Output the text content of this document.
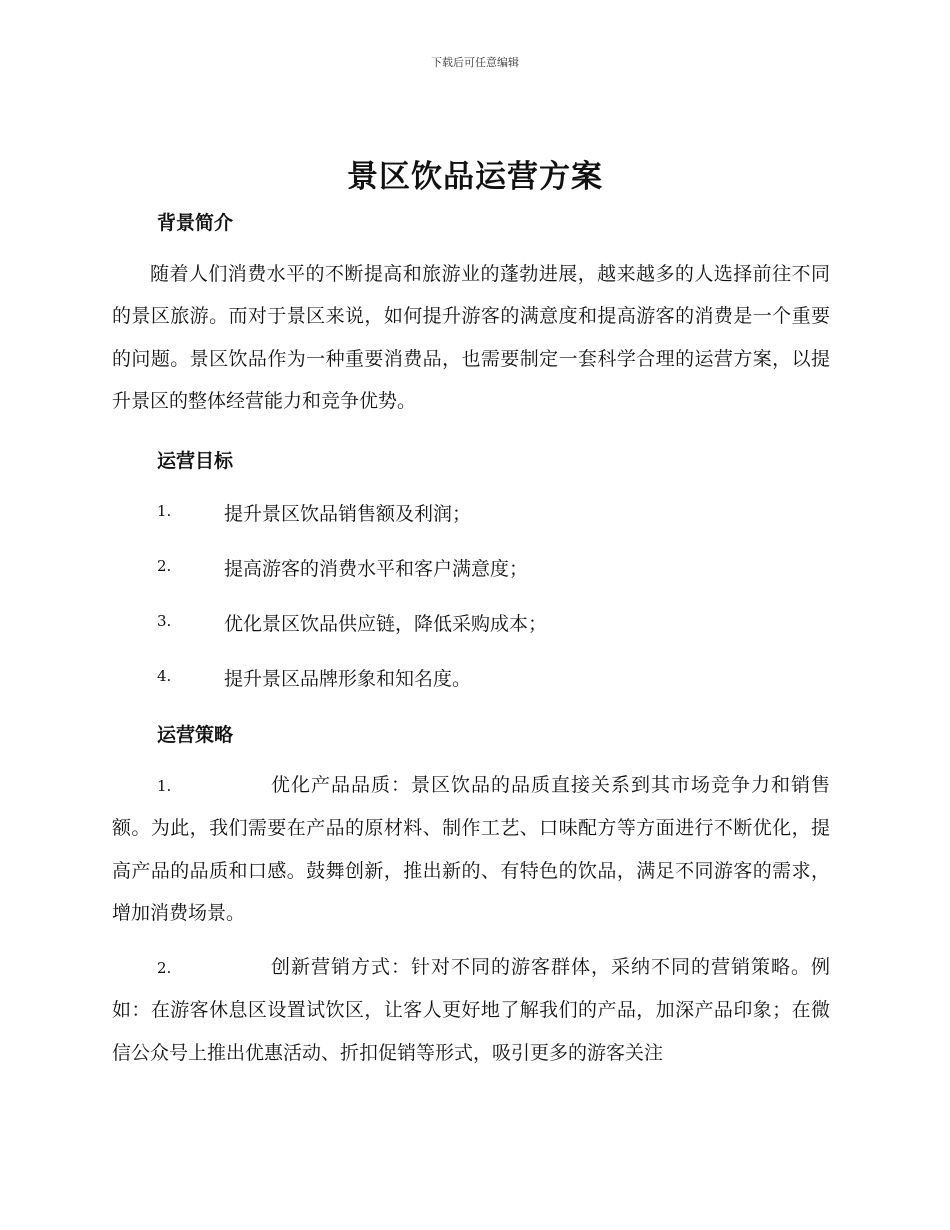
下载后可任意编辑
景区饮品运营方案
背景简介

随着人们消费水平的不断提高和旅游业的蓬勃进展，越来越多的人选择前往不同的景区旅游。而对于景区来说，如何提升游客的满意度和提高游客的消费是一个重要的问题。景区饮品作为一种重要消费品，也需要制定一套科学合理的运营方案，以提升景区的整体经营能力和竞争优势。

运营目标
1.	提升景区饮品销售额及利润；
2.	提高游客的消费水平和客户满意度；
3.	优化景区饮品供应链，降低采购成本；
4.	提升景区品牌形象和知名度。
运营策略

1.	优化产品品质：景区饮品的品质直接关系到其市场竞争力和销售额。为此，我们需要在产品的原材料、制作工艺、口味配方等方面进行不断优化，提高产品的品质和口感。鼓舞创新，推出新的、有特色的饮品，满足不同游客的需求，增加消费场景。

2.	创新营销方式：针对不同的游客群体，采纳不同的营销策略。例如：在游客休息区设置试饮区，让客人更好地了解我们的产品，加深产品印象；在微信公众号上推出优惠活动、折扣促销等形式，吸引更多的游客关注
